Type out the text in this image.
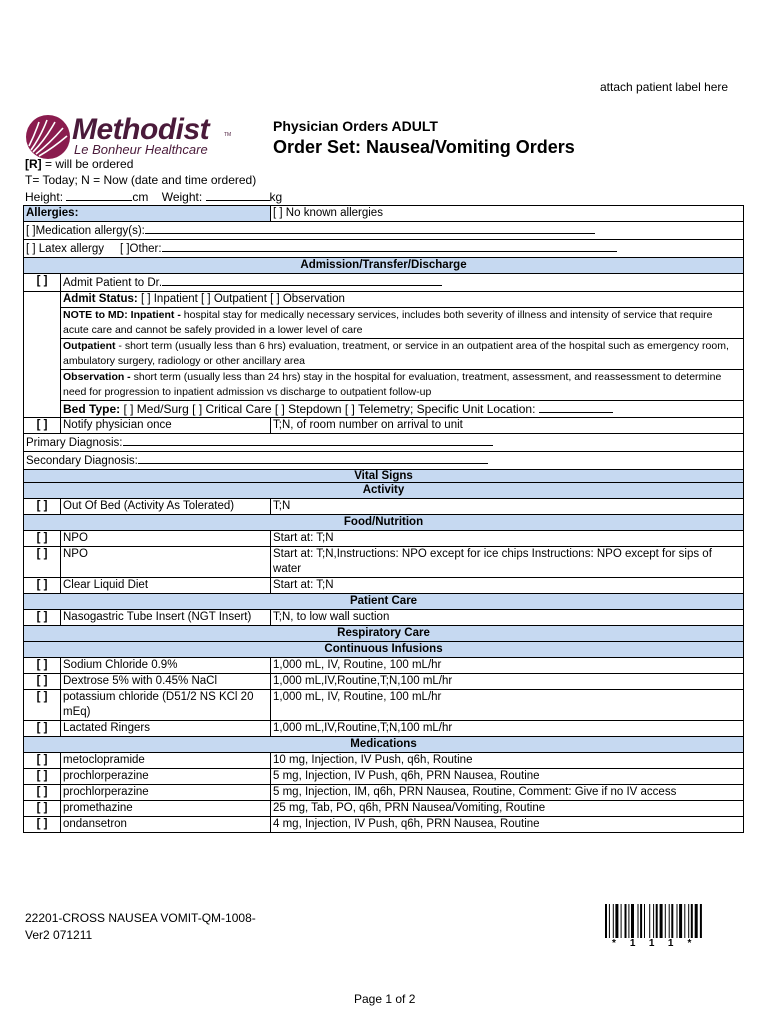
attach patient label here
Methodist	TM
Le Bonheur Healthcare
Physician Orders ADULT
Order Set: Nausea/Vomiting Orders
[R] = will be ordered
T= Today; N = Now (date and time ordered)
Height:	cm    Weight:	kg
Allergies:		[ ] No known allergies
[ ]Medication allergy(s):		
[ ] Latex allergy [ ]Other:		
Admission/Transfer/Discharge		
[ ]	Admit Patient to Dr.	
	Admit Status: [ ] Inpatient [ ] Outpatient [ ] Observation	
	NOTE to MD: Inpatient - hospital stay for medically necessary services, includes both severity of illness and intensity of service that require acute care and cannot be safely provided in a lower level of care	
	Outpatient - short term (usually less than 6 hrs) evaluation, treatment, or service in an outpatient area of the hospital such as emergency room, ambulatory surgery, radiology or other ancillary area	
	Observation - short term (usually less than 24 hrs) stay in the hospital for evaluation, treatment, assessment, and reassessment to determine need for progression to inpatient admission vs discharge to outpatient follow-up	
	Bed Type: [ ] Med/Surg [ ] Critical Care [ ] Stepdown [ ] Telemetry; Specific Unit Location:	
[ ]	Notify physician once	T;N, of room number on arrival to unit
Primary Diagnosis:		
Secondary Diagnosis:		
Vital Signs		
Activity		
[ ]	Out Of Bed (Activity As Tolerated)	T;N
Food/Nutrition		
[ ]	NPO	Start at: T;N
[ ]	NPO	Start at: T;N,Instructions: NPO except for ice chips Instructions: NPO except for sips of water
[ ]	Clear Liquid Diet	Start at: T;N
Patient Care		
[ ]	Nasogastric Tube Insert (NGT Insert)	T;N, to low wall suction
Respiratory Care		
Continuous Infusions		
[ ]	Sodium Chloride 0.9%	1,000 mL, IV, Routine, 100 mL/hr
[ ]	Dextrose 5% with 0.45% NaCl	1,000 mL,IV,Routine,T;N,100 mL/hr
[ ]	potassium chloride (D51/2 NS KCl 20 mEq)	1,000 mL, IV, Routine, 100 mL/hr
[ ]	Lactated Ringers	1,000 mL,IV,Routine,T;N,100 mL/hr
Medications		
[ ]	metoclopramide	10 mg, Injection, IV Push, q6h, Routine
[ ]	prochlorperazine	5 mg, Injection, IV Push, q6h, PRN Nausea, Routine
[ ]	prochlorperazine	5 mg, Injection, IM, q6h, PRN Nausea, Routine, Comment: Give if no IV access
[ ]	promethazine	25 mg, Tab, PO, q6h, PRN Nausea/Vomiting, Routine
[ ]	ondansetron	4 mg, Injection, IV Push, q6h, PRN Nausea, Routine
22201-CROSS NAUSEA VOMIT-QM-1008-
Ver2 071211
*111*
Page 1 of 2
